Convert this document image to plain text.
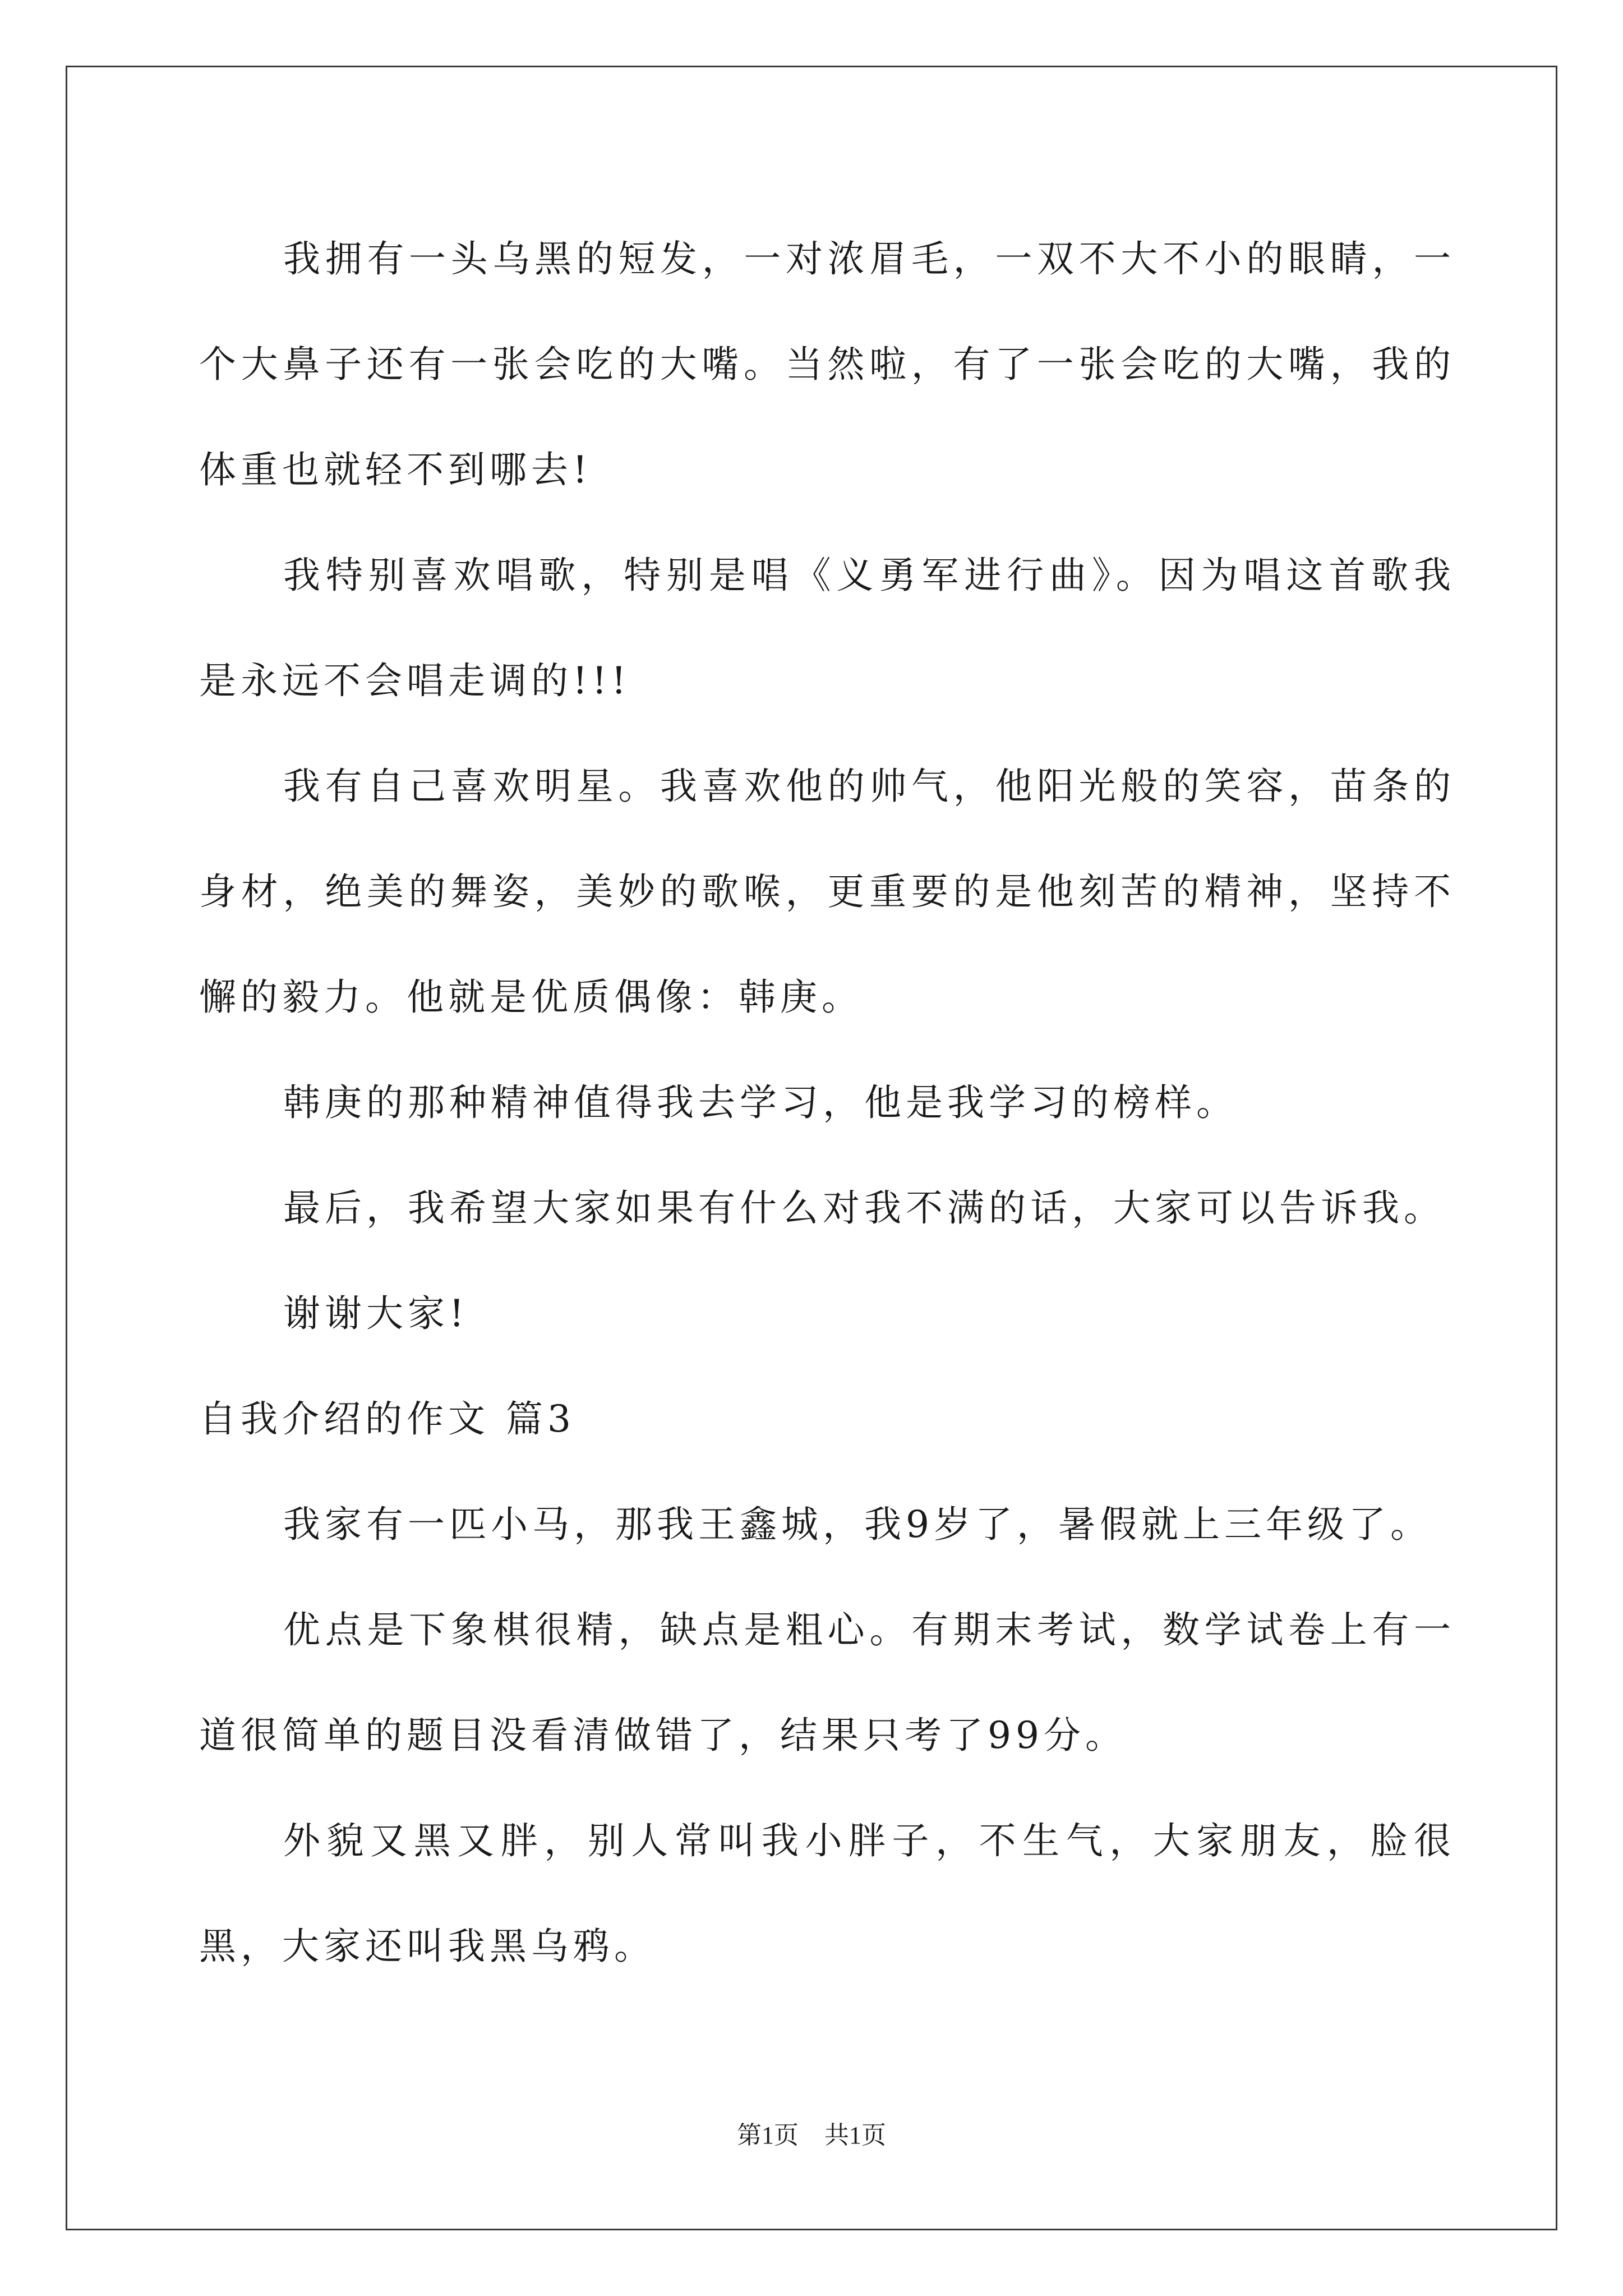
我拥有一头乌黑的短发，一对浓眉毛，一双不大不小的眼睛，一个大鼻子还有一张会吃的大嘴。当然啦，有了一张会吃的大嘴，我的体重也就轻不到哪去!

我特别喜欢唱歌，特别是唱《义勇军进行曲》。因为唱这首歌我是永远不会唱走调的!!!

我有自己喜欢明星。我喜欢他的帅气，他阳光般的笑容，苗条的身材，绝美的舞姿，美妙的歌喉，更重要的是他刻苦的精神，坚持不懈的毅力。他就是优质偶像：韩庚。

韩庚的那种精神值得我去学习，他是我学习的榜样。

最后，我希望大家如果有什么对我不满的话，大家可以告诉我。

谢谢大家!

自我介绍的作文 篇3

我家有一匹小马，那我王鑫城，我9岁了，暑假就上三年级了。

优点是下象棋很精，缺点是粗心。有期末考试，数学试卷上有一道很简单的题目没看清做错了，结果只考了99分。

外貌又黑又胖，别人常叫我小胖子，不生气，大家朋友，脸很黑，大家还叫我黑乌鸦。

第1页 共1页
